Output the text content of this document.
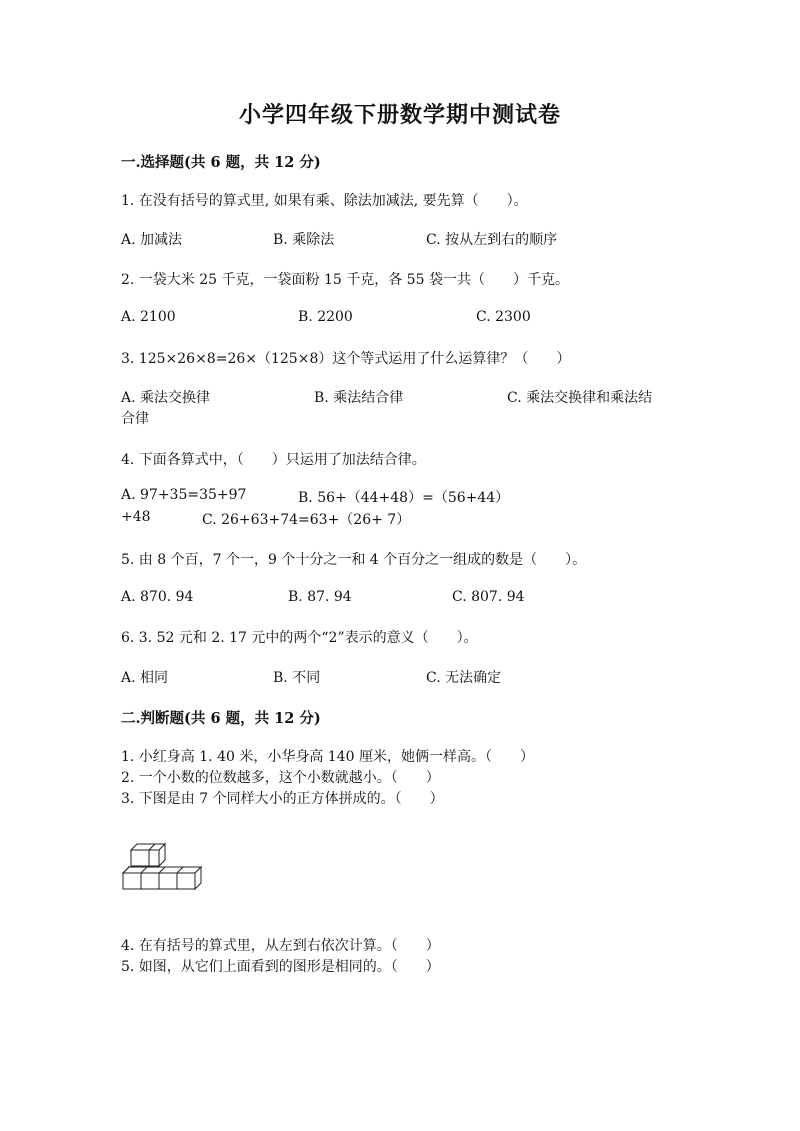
小学四年级下册数学期中测试卷
一.选择题(共 6 题，共 12 分)
1. 在没有括号的算式里, 如果有乘、除法加减法, 要先算（　　）。
A. 加减法	B. 乘除法	C. 按从左到右的顺序
2. 一袋大米 25 千克，一袋面粉 15 千克，各 55 袋一共（　　）千克。
A. 2100	B. 2200	C. 2300
3. 125×26×8=26×（125×8）这个等式运用了什么运算律？（　　）
A. 乘法交换律	B. 乘法结合律	C. 乘法交换律和乘法结
合律
4. 下面各算式中，（　　）只运用了加法结合律。
A. 97+35=35+97	B. 56+（44+48）=（56+44）
+48	C. 26+63+74=63+（26+ 7）
5. 由 8 个百，7 个一，9 个十分之一和 4 个百分之一组成的数是（　　）。
A. 870. 94	B. 87. 94	C. 807. 94
6. 3. 52 元和 2. 17 元中的两个“2”表示的意义（　　）。
A. 相同	B. 不同	C. 无法确定
二.判断题(共 6 题，共 12 分)
1. 小红身高 1. 40 米，小华身高 140 厘米，她俩一样高。（　　）
2. 一个小数的位数越多，这个小数就越小。（　　）
3. 下图是由 7 个同样大小的正方体拼成的。（　　）
4. 在有括号的算式里，从左到右依次计算。（　　）
5. 如图，从它们上面看到的图形是相同的。（　　）
